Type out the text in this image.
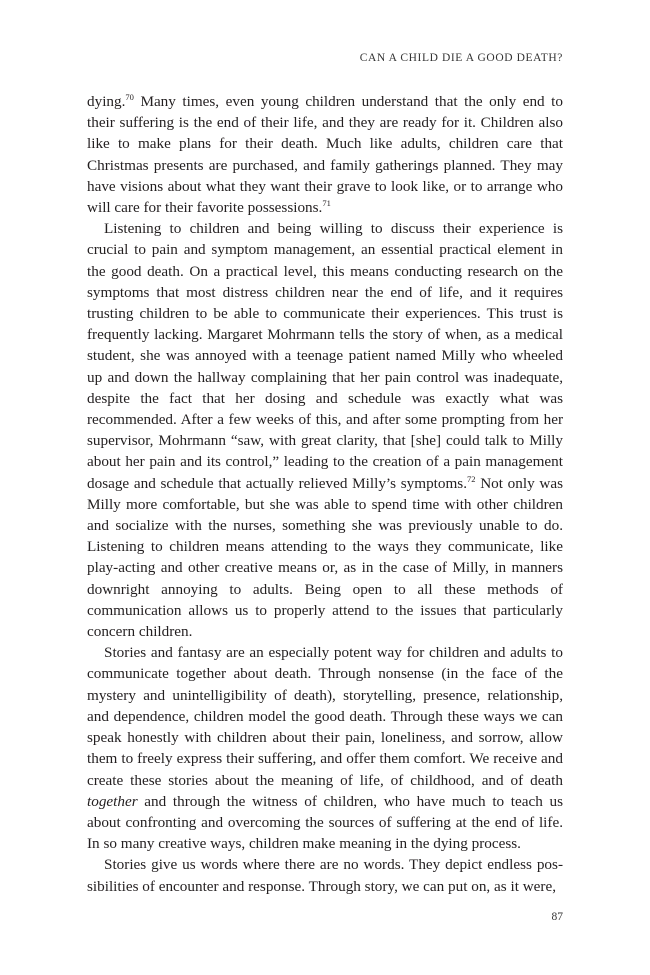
CAN A CHILD DIE A GOOD DEATH?

dying.$^{70}$ Many times, even young children understand that the only end to their suffering is the end of their life, and they are ready for it. Children also like to make plans for their death. Much like adults, children care that Christmas presents are purchased, and family gatherings planned. They may have visions about what they want their grave to look like, or to arrange who will care for their favorite possessions.$^{71}$

Listening to children and being willing to discuss their experience is crucial to pain and symptom management, an essential practical element in the good death. On a practical level, this means conducting research on the symptoms that most distress children near the end of life, and it requires trusting children to be able to communicate their experiences. This trust is frequently lacking. Margaret Mohrmann tells the story of when, as a medical student, she was annoyed with a teenage patient named Milly who wheeled up and down the hallway complaining that her pain control was inadequate, despite the fact that her dosing and schedule was exactly what was recommended. After a few weeks of this, and after some prompting from her supervisor, Mohrmann “saw, with great clarity, that [she] could talk to Milly about her pain and its control,” leading to the creation of a pain management dosage and schedule that actually relieved Milly’s symptoms.$^{72}$ Not only was Milly more comfortable, but she was able to spend time with other children and socialize with the nurses, something she was previously unable to do. Listening to children means attending to the ways they communicate, like play-acting and other creative means or, as in the case of Milly, in manners downright annoying to adults. Being open to all these methods of communication allows us to properly attend to the issues that particularly concern children.

Stories and fantasy are an especially potent way for children and adults to communicate together about death. Through nonsense (in the face of the mystery and unintelligibility of death), storytelling, presence, relationship, and dependence, children model the good death. Through these ways we can speak honestly with children about their pain, loneliness, and sorrow, allow them to freely express their suffering, and offer them comfort. We receive and create these stories about the meaning of life, of childhood, and of death together and through the witness of children, who have much to teach us about confronting and overcoming the sources of suffering at the end of life. In so many creative ways, children make meaning in the dying process.

Stories give us words where there are no words. They depict endless possibilities of encounter and response. Through story, we can put on, as it were,

87
